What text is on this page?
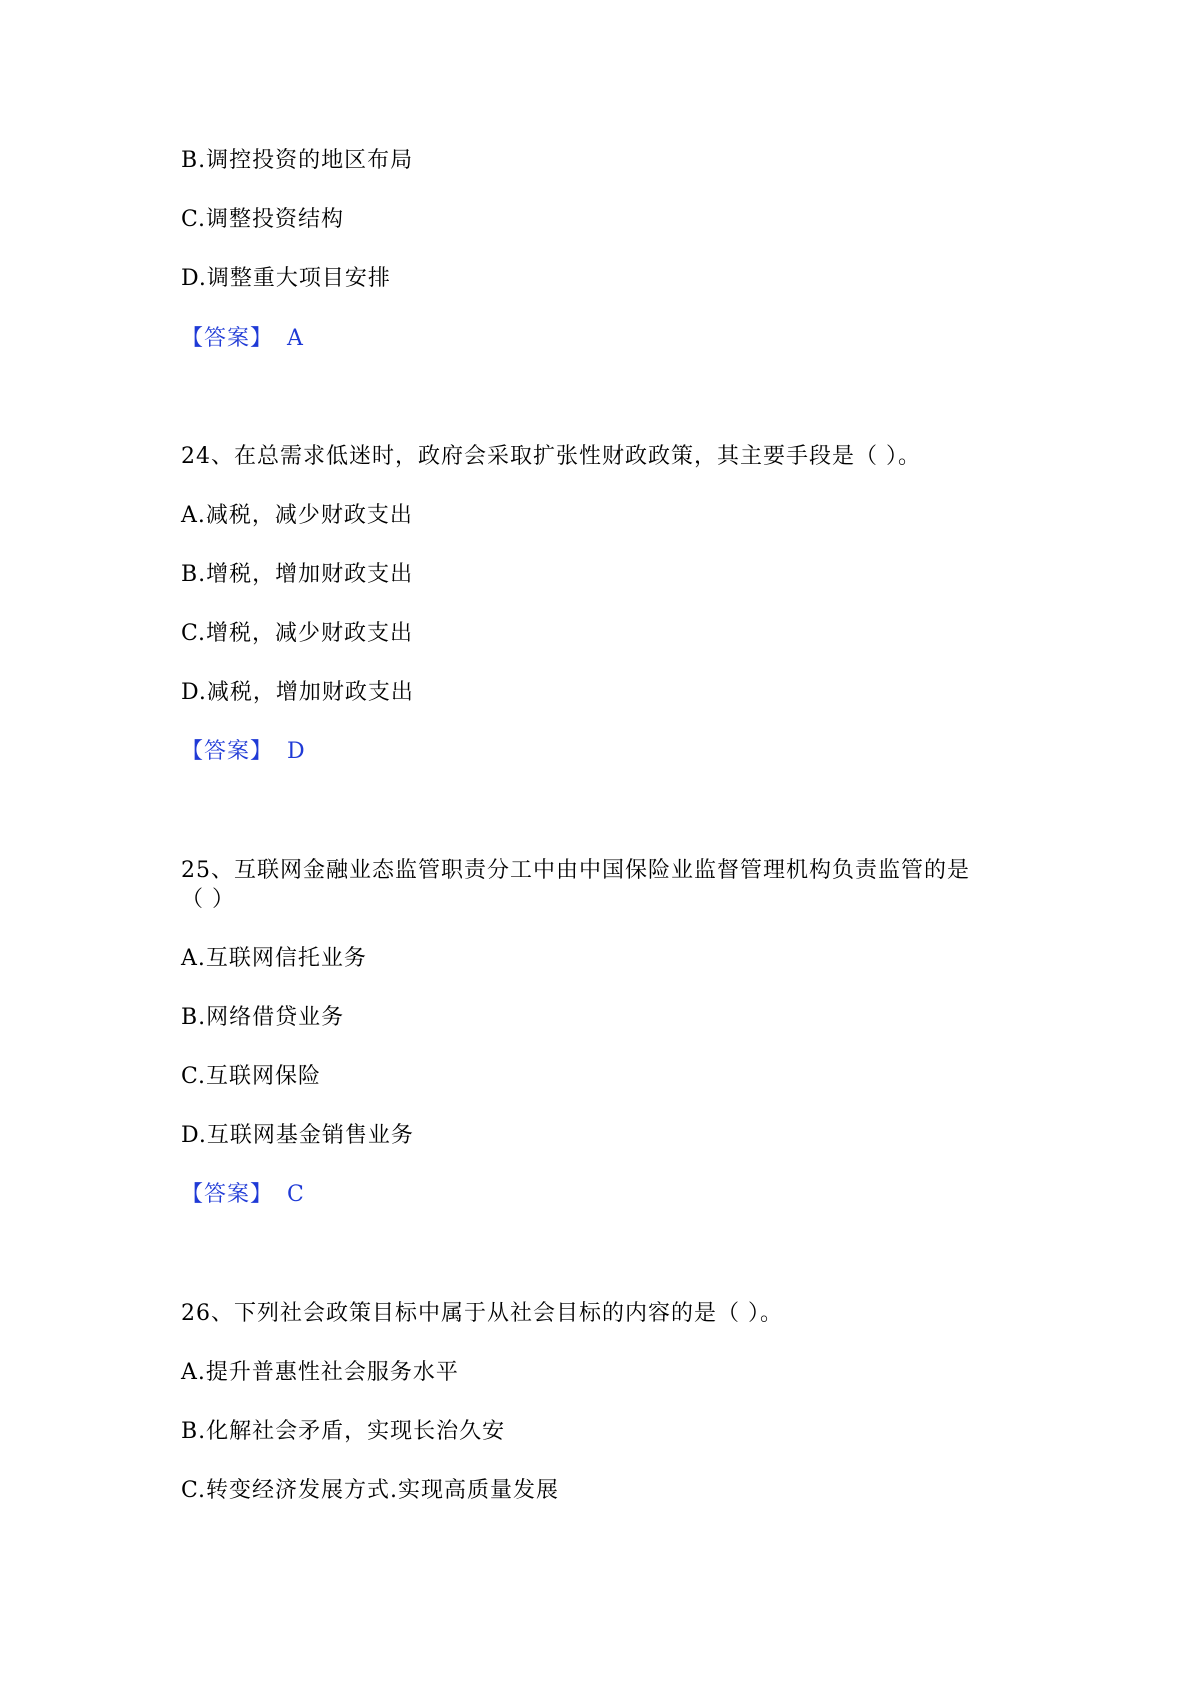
B.调控投资的地区布局
C.调整投资结构
D.调整重大项目安排
【答案】 A
24、在总需求低迷时，政府会采取扩张性财政政策，其主要手段是（ ）。
A.减税，减少财政支出
B.增税，增加财政支出
C.增税，减少财政支出
D.减税，增加财政支出
【答案】 D
25、互联网金融业态监管职责分工中由中国保险业监督管理机构负责监管的是
（ ）
A.互联网信托业务
B.网络借贷业务
C.互联网保险
D.互联网基金销售业务
【答案】 C
26、下列社会政策目标中属于从社会目标的内容的是（ ）。
A.提升普惠性社会服务水平
B.化解社会矛盾，实现长治久安
C.转变经济发展方式.实现高质量发展
